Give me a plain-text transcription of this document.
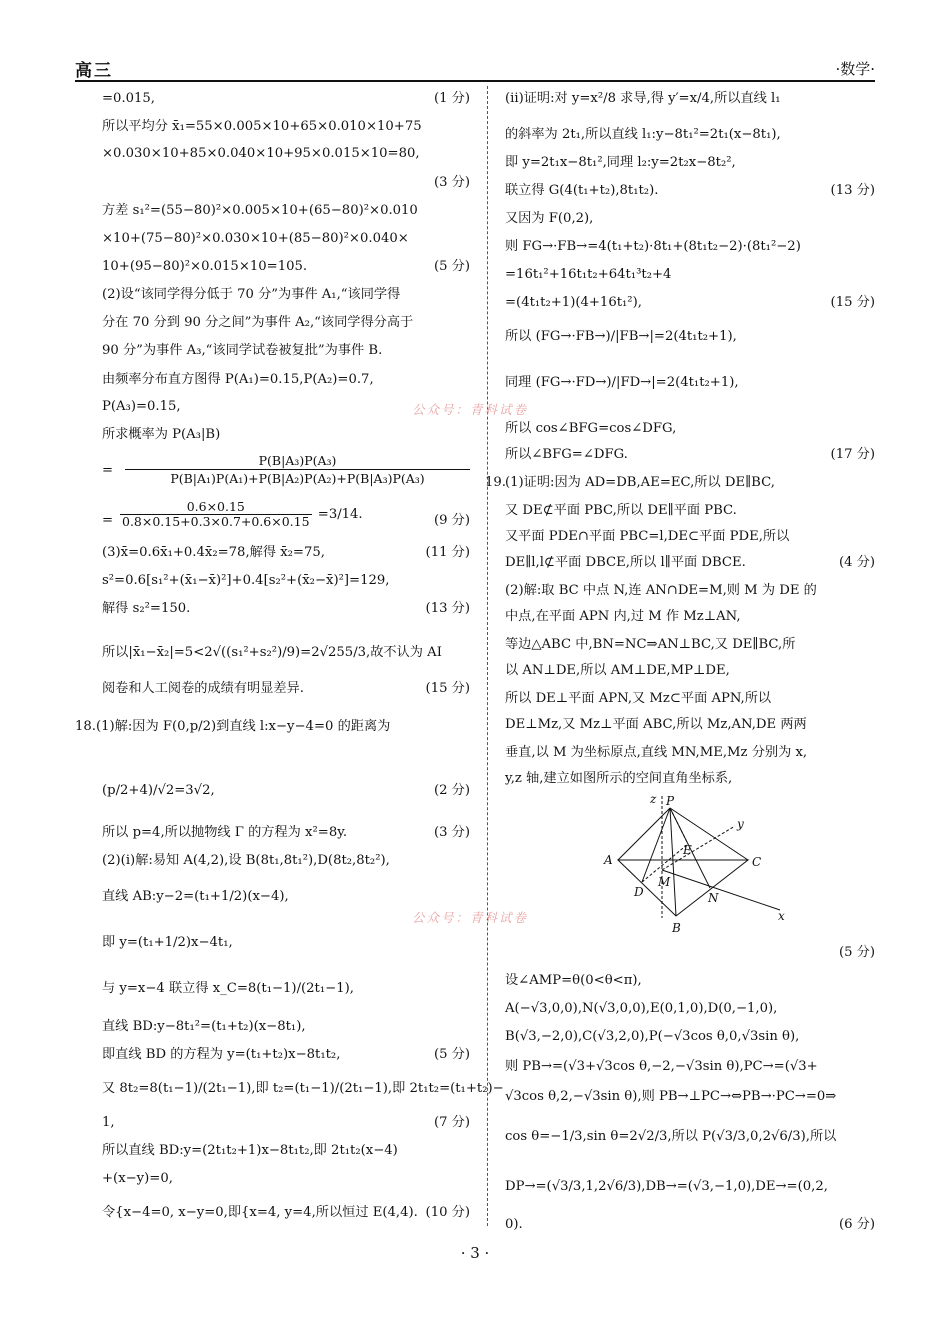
高三	·数学·
=0.015,	(1 分)
所以平均分 x̄₁=55×0.005×10+65×0.010×10+75
×0.030×10+85×0.040×10+95×0.015×10=80,
(3 分)
方差 s₁²=(55−80)²×0.005×10+(65−80)²×0.010
×10+(75−80)²×0.030×10+(85−80)²×0.040×
10+(95−80)²×0.015×10=105.	(5 分)
(2)设“该同学得分低于 70 分”为事件 A₁,“该同学得
分在 70 分到 90 分之间”为事件 A₂,“该同学得分高于
90 分”为事件 A₃,“该同学试卷被复批”为事件 B.
由频率分布直方图得 P(A₁)=0.15,P(A₂)=0.7,
P(A₃)=0.15,
所求概率为 P(A₃|B)
=
=	(9 分)
(3)x̄=0.6x̄₁+0.4x̄₂=78,解得 x̄₂=75,	(11 分)
s²=0.6[s₁²+(x̄₁−x̄)²]+0.4[s₂²+(x̄₂−x̄)²]=129,
解得 s₂²=150.	(13 分)
所以|x̄₁−x̄₂|=5<2√((s₁²+s₂²)/9)=2√255/3,故不认为 AI
阅卷和人工阅卷的成绩有明显差异.	(15 分)
18.(1)解:因为 F(0,p/2)到直线 l:x−y−4=0 的距离为
(p/2+4)/√2=3√2,	(2 分)
所以 p=4,所以抛物线 Γ 的方程为 x²=8y.	(3 分)
(2)(i)解:易知 A(4,2),设 B(8t₁,8t₁²),D(8t₂,8t₂²),
直线 AB:y−2=(t₁+1/2)(x−4),
即 y=(t₁+1/2)x−4t₁,
与 y=x−4 联立得 x_C=8(t₁−1)/(2t₁−1),
直线 BD:y−8t₁²=(t₁+t₂)(x−8t₁),
即直线 BD 的方程为 y=(t₁+t₂)x−8t₁t₂,	(5 分)
又 8t₂=8(t₁−1)/(2t₁−1),即 t₂=(t₁−1)/(2t₁−1),即 2t₁t₂=(t₁+t₂)−
1,	(7 分)
所以直线 BD:y=(2t₁t₂+1)x−8t₁t₂,即 2t₁t₂(x−4)
+(x−y)=0,
令{x−4=0, x−y=0,即{x=4, y=4,所以恒过 E(4,4). (10 分)
(ii)证明:对 y=x²/8 求导,得 y′=x/4,所以直线 l₁
的斜率为 2t₁,所以直线 l₁:y−8t₁²=2t₁(x−8t₁),
即 y=2t₁x−8t₁²,同理 l₂:y=2t₂x−8t₂²,
联立得 G(4(t₁+t₂),8t₁t₂).	(13 分)
又因为 F(0,2),
则 FG→·FB→=4(t₁+t₂)·8t₁+(8t₁t₂−2)·(8t₁²−2)
=16t₁²+16t₁t₂+64t₁³t₂+4
=(4t₁t₂+1)(4+16t₁²),	(15 分)
所以 (FG→·FB→)/|FB→|=2(4t₁t₂+1),
同理 (FG→·FD→)/|FD→|=2(4t₁t₂+1),
所以 cos∠BFG=cos∠DFG,
所以∠BFG=∠DFG.	(17 分)
19. (1)证明:因为 AD=DB,AE=EC,所以 DE∥BC,
又 DE⊄平面 PBC,所以 DE∥平面 PBC.
又平面 PDE∩平面 PBC=l,DE⊂平面 PDE,所以
DE∥l,l⊄平面 DBCE,所以 l∥平面 DBCE.	(4 分)
(2)解:取 BC 中点 N,连 AN∩DE=M,则 M 为 DE 的
中点,在平面 APN 内,过 M 作 Mz⊥AN,
等边△ABC 中,BN=NC⇒AN⊥BC,又 DE∥BC,所
以 AN⊥DE,所以 AM⊥DE,MP⊥DE,
所以 DE⊥平面 APN,又 Mz⊂平面 APN,所以
DE⊥Mz,又 Mz⊥平面 ABC,所以 Mz,AN,DE 两两
垂直,以 M 为坐标原点,直线 MN,ME,Mz 分别为 x,
y,z 轴,建立如图所示的空间直角坐标系,
(5 分)
设∠AMP=θ(0<θ<π),
A(−√3,0,0),N(√3,0,0),E(0,1,0),D(0,−1,0),
B(√3,−2,0),C(√3,2,0),P(−√3cos θ,0,√3sin θ),
则 PB→=(√3+√3cos θ,−2,−√3sin θ),PC→=(√3+
√3cos θ,2,−√3sin θ),则 PB→⊥PC→⇔PB→·PC→=0⇒
cos θ=−1/3,sin θ=2√2/3,所以 P(√3/3,0,2√6/3),所以
DP→=(√3/3,1,2√6/3),DB→=(√3,−1,0),DE→=(0,2,
0).	(6 分)
$\frac{\text{P(B|A₃)P(A₃)}}{\text{P(B|A₁)P(A₁)+P(B|A₂)P(A₂)+P(B|A₃)P(A₃)}}$
$\frac{0.6\times 0.15}{0.8\times 0.15+0.3\times 0.7+0.6\times 0.15} =3/14$.
公众号：青科试卷
公众号：青科试卷
z P
y
E
A	C
M
D	N
B
x
· 3 ·
